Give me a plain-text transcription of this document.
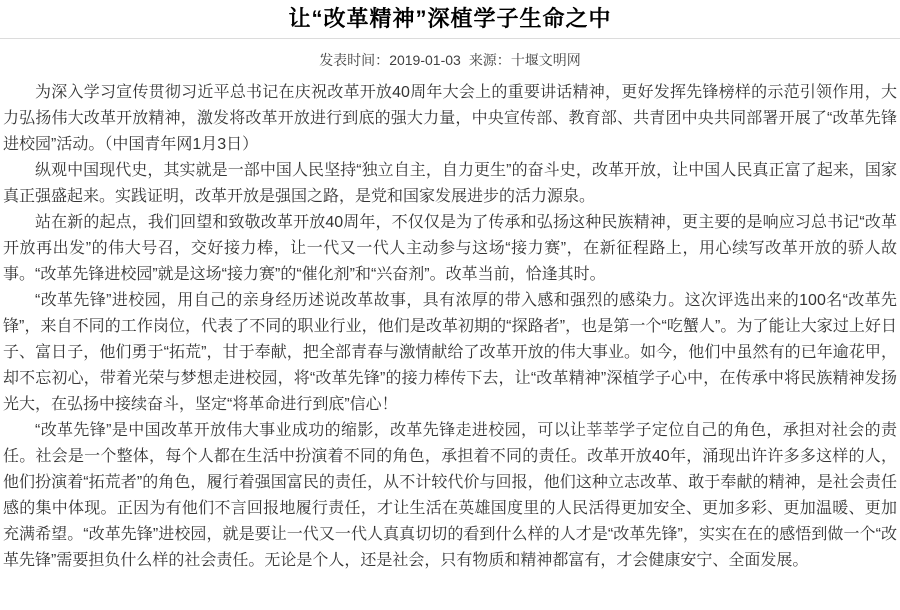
让“改革精神”深植学子生命之中
发表时间：2019-01-03 来源：十堰文明网

为深入学习宣传贯彻习近平总书记在庆祝改革开放40周年大会上的重要讲话精神，更好发挥先锋榜样的示范引领作用，大力弘扬伟大改革开放精神，激发将改革开放进行到底的强大力量，中央宣传部、教育部、共青团中央共同部署开展了“改革先锋进校园”活动。（中国青年网1月3日）

纵观中国现代史，其实就是一部中国人民坚持“独立自主，自力更生”的奋斗史，改革开放，让中国人民真正富了起来，国家真正强盛起来。实践证明，改革开放是强国之路，是党和国家发展进步的活力源泉。

站在新的起点，我们回望和致敬改革开放40周年，不仅仅是为了传承和弘扬这种民族精神，更主要的是响应习总书记“改革开放再出发”的伟大号召，交好接力棒，让一代又一代人主动参与这场“接力赛”，在新征程路上，用心续写改革开放的骄人故事。“改革先锋进校园”就是这场“接力赛”的“催化剂”和“兴奋剂”。改革当前，恰逢其时。

“改革先锋”进校园，用自己的亲身经历述说改革故事，具有浓厚的带入感和强烈的感染力。这次评选出来的100名“改革先锋”，来自不同的工作岗位，代表了不同的职业行业，他们是改革初期的“探路者”，也是第一个“吃蟹人”。为了能让大家过上好日子、富日子，他们勇于“拓荒”，甘于奉献，把全部青春与激情献给了改革开放的伟大事业。如今，他们中虽然有的已年逾花甲，却不忘初心，带着光荣与梦想走进校园，将“改革先锋”的接力棒传下去，让“改革精神”深植学子心中，在传承中将民族精神发扬光大，在弘扬中接续奋斗，坚定“将革命进行到底”信心！

“改革先锋”是中国改革开放伟大事业成功的缩影，改革先锋走进校园，可以让莘莘学子定位自己的角色，承担对社会的责任。社会是一个整体，每个人都在生活中扮演着不同的角色，承担着不同的责任。改革开放40年，涌现出许许多多这样的人，他们扮演着“拓荒者”的角色，履行着强国富民的责任，从不计较代价与回报，他们这种立志改革、敢于奉献的精神，是社会责任感的集中体现。正因为有他们不言回报地履行责任，才让生活在英雄国度里的人民活得更加安全、更加多彩、更加温暖、更加充满希望。“改革先锋”进校园，就是要让一代又一代人真真切切的看到什么样的人才是“改革先锋”，实实在在的感悟到做一个“改革先锋”需要担负什么样的社会责任。无论是个人，还是社会，只有物质和精神都富有，才会健康安宁、全面发展。
